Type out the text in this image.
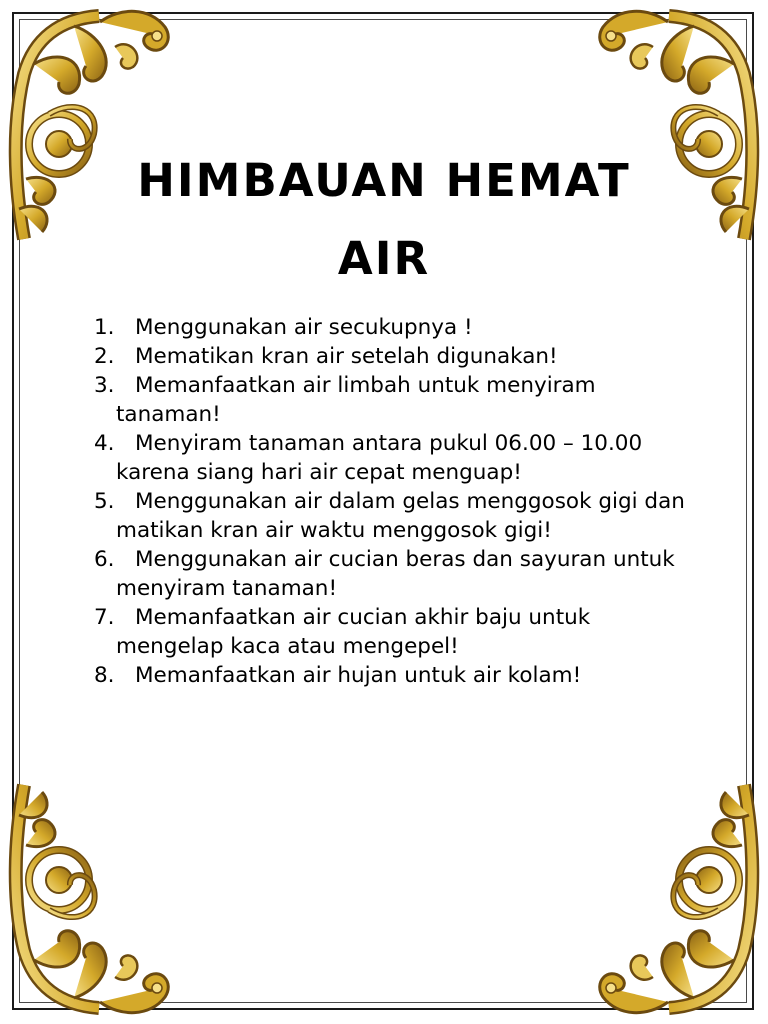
HIMBAUAN HEMAT AIR
1. Menggunakan air secukupnya !
2. Mematikan kran air setelah digunakan!
3. Memanfaatkan air limbah untuk menyiram tanaman!
4. Menyiram tanaman antara pukul 06.00 – 10.00 karena siang hari air cepat menguap!
5. Menggunakan air dalam gelas menggosok gigi dan matikan kran air waktu menggosok gigi!
6. Menggunakan air cucian beras dan sayuran untuk menyiram tanaman!
7. Memanfaatkan air cucian akhir baju untuk mengelap kaca atau mengepel!
8. Memanfaatkan air hujan untuk air kolam!
